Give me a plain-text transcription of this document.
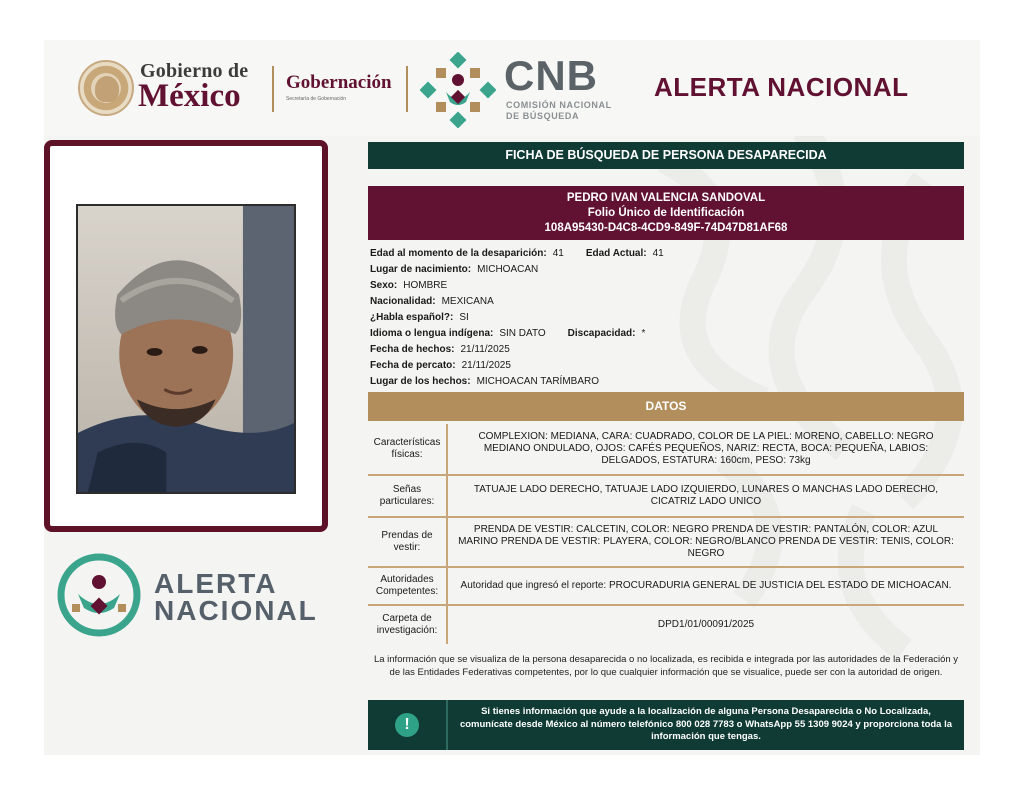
Gobierno de
México Gobernación
Secretaría de Gobernación	CNB
COMISIÓN NACIONAL
DE BÚSQUEDA
ALERTA NACIONAL
ALERTA
NACIONAL
FICHA DE BÚSQUEDA DE PERSONA DESAPARECIDA
PEDRO IVAN VALENCIA SANDOVAL
Folio Único de Identificación
108A95430-D4C8-4CD9-849F-74D47D81AF68
Edad al momento de la desaparición: 41 Edad Actual: 41
Lugar de nacimiento: MICHOACAN
Sexo: HOMBRE
Nacionalidad: MEXICANA
¿Habla español?: SI
Idioma o lengua indígena: SIN DATO Discapacidad: *
Fecha de hechos: 21/11/2025
Fecha de percato: 21/11/2025
Lugar de los hechos: MICHOACAN TARÍMBARO
DATOS
Características físicas:
COMPLEXION: MEDIANA, CARA: CUADRADO, COLOR DE LA PIEL: MORENO, CABELLO: NEGRO MEDIANO ONDULADO, OJOS: CAFÉS PEQUEÑOS, NARIZ: RECTA, BOCA: PEQUEÑA, LABIOS: DELGADOS, ESTATURA: 160cm, PESO: 73kg
Señas particulares:
TATUAJE LADO DERECHO, TATUAJE LADO IZQUIERDO, LUNARES O MANCHAS LADO DERECHO, CICATRIZ LADO UNICO
Prendas de vestir:
PRENDA DE VESTIR: CALCETIN, COLOR: NEGRO PRENDA DE VESTIR: PANTALÓN, COLOR: AZUL MARINO PRENDA DE VESTIR: PLAYERA, COLOR: NEGRO/BLANCO PRENDA DE VESTIR: TENIS, COLOR: NEGRO
Autoridades Competentes:
Autoridad que ingresó el reporte: PROCURADURIA GENERAL DE JUSTICIA DEL ESTADO DE MICHOACAN.
Carpeta de investigación:
DPD1/01/00091/2025
La información que se visualiza de la persona desaparecida o no localizada, es recibida e integrada por las autoridades de la Federación y de las Entidades Federativas competentes, por lo que cualquier información que se visualice, puede ser con la autoridad de origen.
!
Si tienes información que ayude a la localización de alguna Persona Desaparecida o No Localizada, comunícate desde México al número telefónico 800 028 7783 o WhatsApp 55 1309 9024 y proporciona toda la información que tengas.
